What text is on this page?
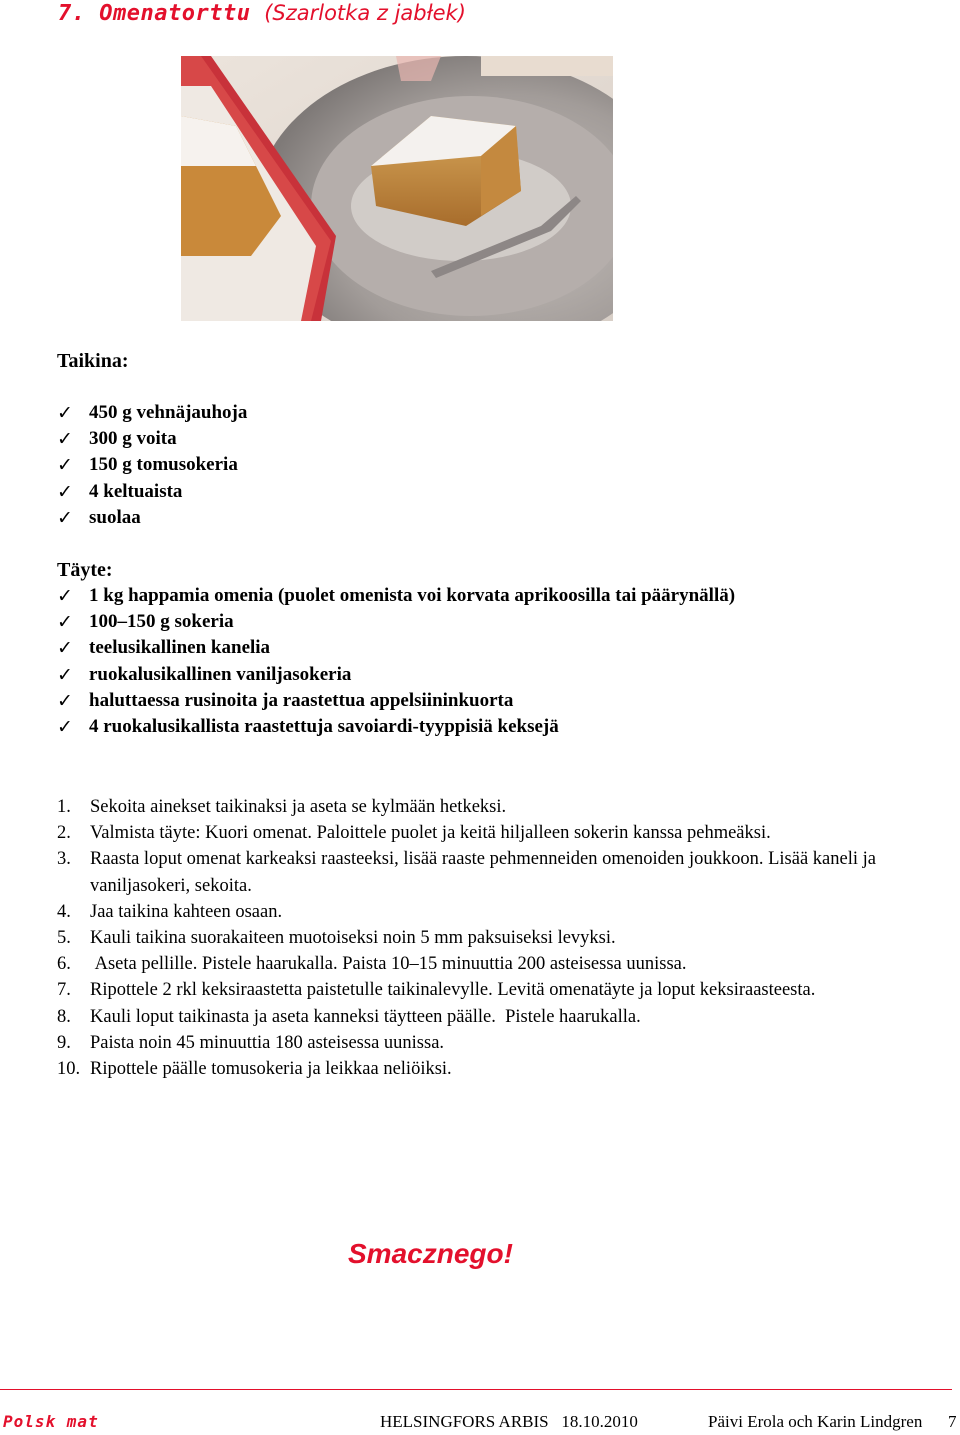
7. Omenatorttu (Szarlotka z jabłek)
Taikina:
✓ 450 g vehnäjauhoja
✓ 300 g voita
✓ 150 g tomusokeria
✓ 4 keltuaista
✓ suolaa
Täyte:
✓ 1 kg happamia omenia (puolet omenista voi korvata aprikoosilla tai päärynällä)
✓ 100–150 g sokeria
✓ teelusikallinen kanelia
✓ ruokalusikallinen vaniljasokeria
✓ haluttaessa rusinoita ja raastettua appelsiininkuorta
✓ 4 ruokalusikallista raastettuja savoiardi-tyyppisiä keksejä
1.	Sekoita ainekset taikinaksi ja aseta se kylmään hetkeksi.
2.	Valmista täyte: Kuori omenat. Paloittele puolet ja keitä hiljalleen sokerin kanssa pehmeäksi.
3.	Raasta loput omenat karkeaksi raasteeksi, lisää raaste pehmenneiden omenoiden joukkoon. Lisää kaneli ja vaniljasokeri, sekoita.
4.	Jaa taikina kahteen osaan.
5.	Kauli taikina suorakaiteen muotoiseksi noin 5 mm paksuiseksi levyksi.
6.	Aseta pellille. Pistele haarukalla. Paista 10–15 minuuttia 200 asteisessa uunissa.
7.	Ripottele 2 rkl keksiraastetta paistetulle taikinalevylle. Levitä omenatäyte ja loput keksiraasteesta.
8.	Kauli loput taikinasta ja aseta kanneksi täytteen päälle.  Pistele haarukalla.
9.	Paista noin 45 minuuttia 180 asteisessa uunissa.
10. Ripottele päälle tomusokeria ja leikkaa neliöiksi.

Smacznego!

Polsk mat	HELSINGFORS ARBIS   18.10.2010	Päivi Erola och Karin Lindgren 7
